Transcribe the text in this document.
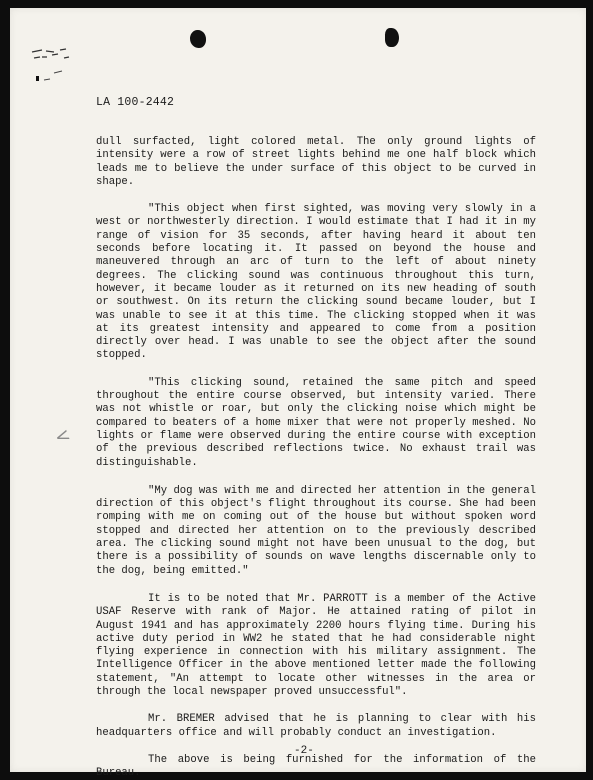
LA 100-2442

dull surfacted, light colored metal. The only ground lights of intensity were a row of street lights behind me one half block which leads me to believe the under surface of this object to be curved in shape.

"This object when first sighted, was moving very slowly in a west or northwesterly direction. I would estimate that I had it in my range of vision for 35 seconds, after having heard it about ten seconds before locating it. It passed on beyond the house and maneuvered through an arc of turn to the left of about ninety degrees. The clicking sound was continuous throughout this turn, however, it became louder as it returned on its new heading of south or southwest. On its return the clicking sound became louder, but I was unable to see it at this time. The clicking stopped when it was at its greatest intensity and appeared to come from a position directly over head. I was unable to see the object after the sound stopped.

"This clicking sound, retained the same pitch and speed throughout the entire course observed, but intensity varied. There was not whistle or roar, but only the clicking noise which might be compared to beaters of a home mixer that were not properly meshed. No lights or flame were observed during the entire course with exception of the previous described reflections twice. No exhaust trail was distinguishable.

"My dog was with me and directed her attention in the general direction of this object's flight throughout its course. She had been romping with me on coming out of the house but without spoken word stopped and directed her attention on to the previously described area. The clicking sound might not have been unusual to the dog, but there is a possibility of sounds on wave lengths discernable only to the dog, being emitted."

It is to be noted that Mr. PARROTT is a member of the Active USAF Reserve with rank of Major. He attained rating of pilot in August 1941 and has approximately 2200 hours flying time. During his active duty period in WW2 he stated that he had considerable night flying experience in connection with his military assignment. The Intelligence Officer in the above mentioned letter made the following statement, "An attempt to locate other witnesses in the area or through the local newspaper proved unsuccessful".

Mr. BREMER advised that he is planning to clear with his headquarters office and will probably conduct an investigation.

The above is being furnished for the information of the Bureau.

<
-2-
